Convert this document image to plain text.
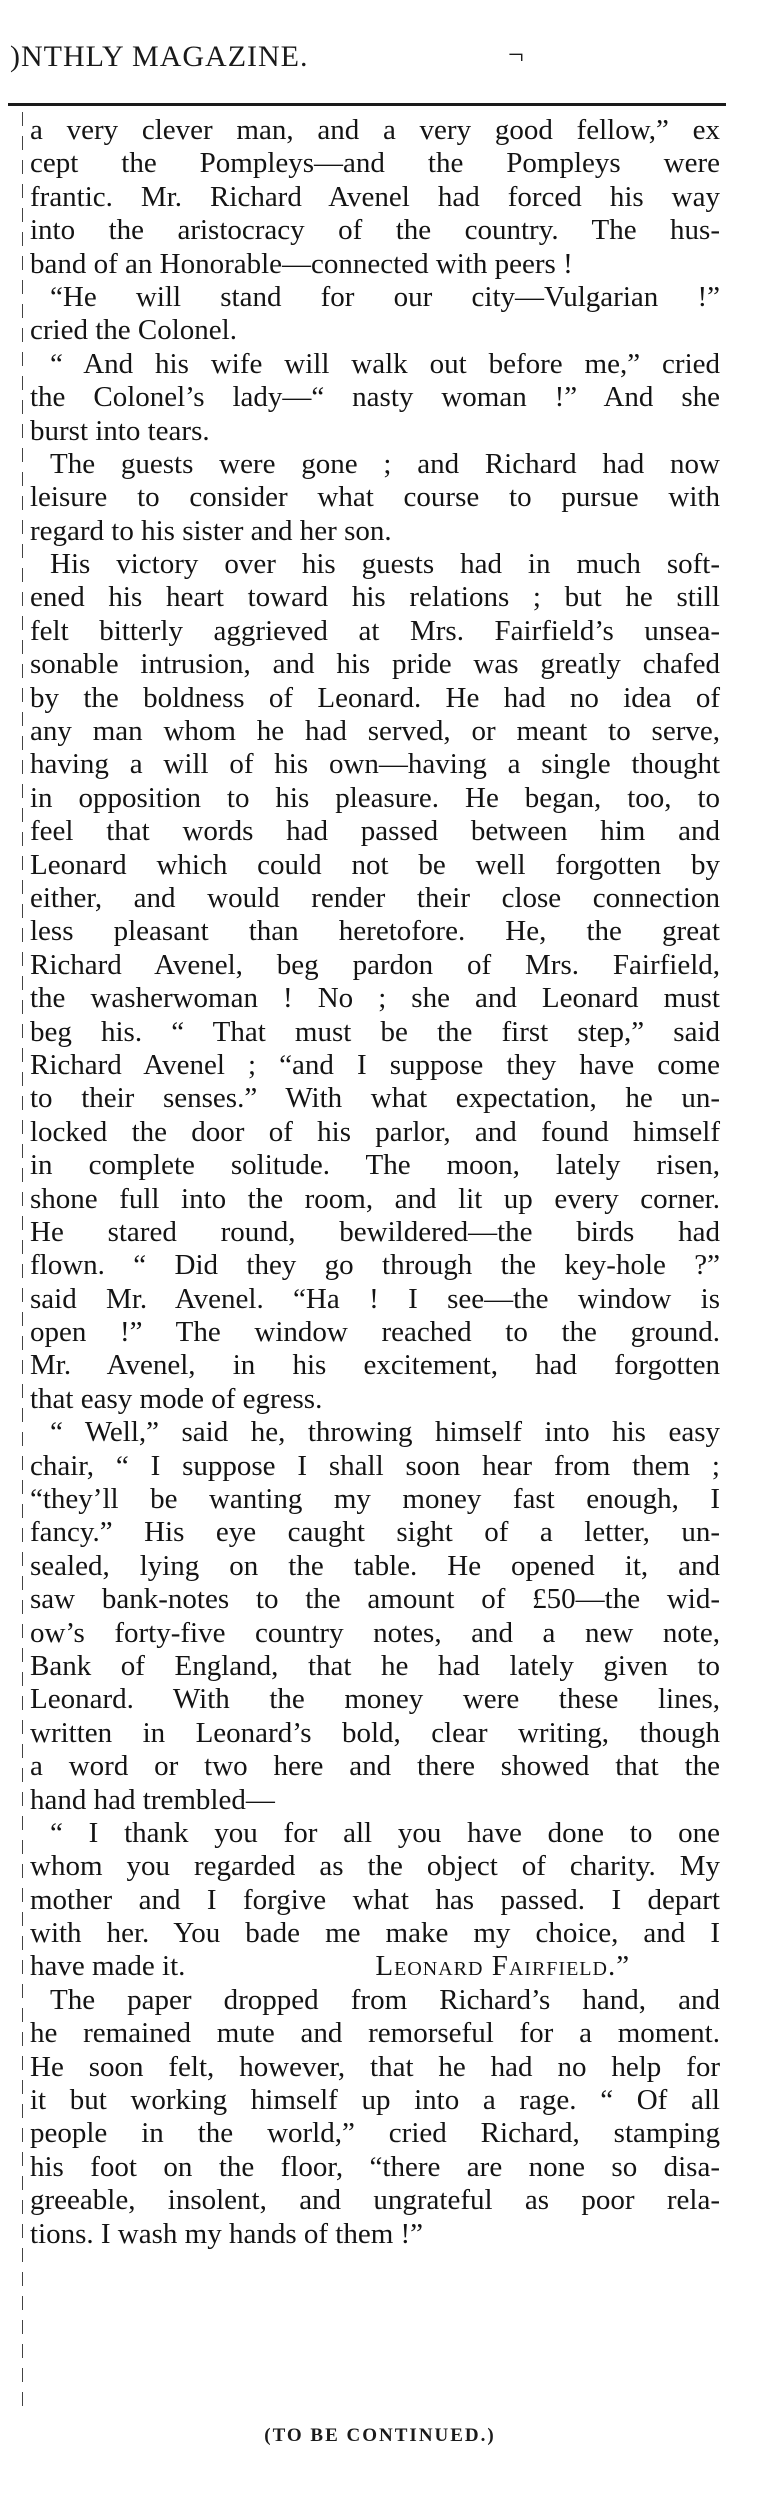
)NTHLY MAGAZINE.	¬
a very clever man, and a very good fellow,” ex
cept the Pompleys—and the Pompleys were
frantic. Mr. Richard Avenel had forced his way
into the aristocracy of the country. The hus-
band of an Honorable—connected with peers !
“He will stand for our city—Vulgarian !”
cried the Colonel.
“ And his wife will walk out before me,” cried
the Colonel’s lady—“ nasty woman !” And she
burst into tears.
The guests were gone ; and Richard had now
leisure to consider what course to pursue with
regard to his sister and her son.
His victory over his guests had in much soft-
ened his heart toward his relations ; but he still
felt bitterly aggrieved at Mrs. Fairfield’s unsea-
sonable intrusion, and his pride was greatly chafed
by the boldness of Leonard. He had no idea of
any man whom he had served, or meant to serve,
having a will of his own—having a single thought
in opposition to his pleasure. He began, too, to
feel that words had passed between him and
Leonard which could not be well forgotten by
either, and would render their close connection
less pleasant than heretofore. He, the great
Richard Avenel, beg pardon of Mrs. Fairfield,
the washerwoman ! No ; she and Leonard must
beg his. “ That must be the first step,” said
Richard Avenel ; “and I suppose they have come
to their senses.” With what expectation, he un-
locked the door of his parlor, and found himself
in complete solitude. The moon, lately risen,
shone full into the room, and lit up every corner.
He stared round, bewildered—the birds had
flown. “ Did they go through the key-hole ?”
said Mr. Avenel. “Ha ! I see—the window is
open !” The window reached to the ground.
Mr. Avenel, in his excitement, had forgotten
that easy mode of egress.
“ Well,” said he, throwing himself into his easy
chair, “ I suppose I shall soon hear from them ;
“they’ll be wanting my money fast enough, I
fancy.” His eye caught sight of a letter, un-
sealed, lying on the table. He opened it, and
saw bank-notes to the amount of £50—the wid-
ow’s forty-five country notes, and a new note,
Bank of England, that he had lately given to
Leonard. With the money were these lines,
written in Leonard’s bold, clear writing, though
a word or two here and there showed that the
hand had trembled—
“ I thank you for all you have done to one
whom you regarded as the object of charity. My
mother and I forgive what has passed. I depart
with her. You bade me make my choice, and I
have made it.	Leonard Fairfield.”
The paper dropped from Richard’s hand, and
he remained mute and remorseful for a moment.
He soon felt, however, that he had no help for
it but working himself up into a rage. “ Of all
people in the world,” cried Richard, stamping
his foot on the floor, “there are none so disa-
greeable, insolent, and ungrateful as poor rela-
tions. I wash my hands of them !”
(TO BE CONTINUED.)
